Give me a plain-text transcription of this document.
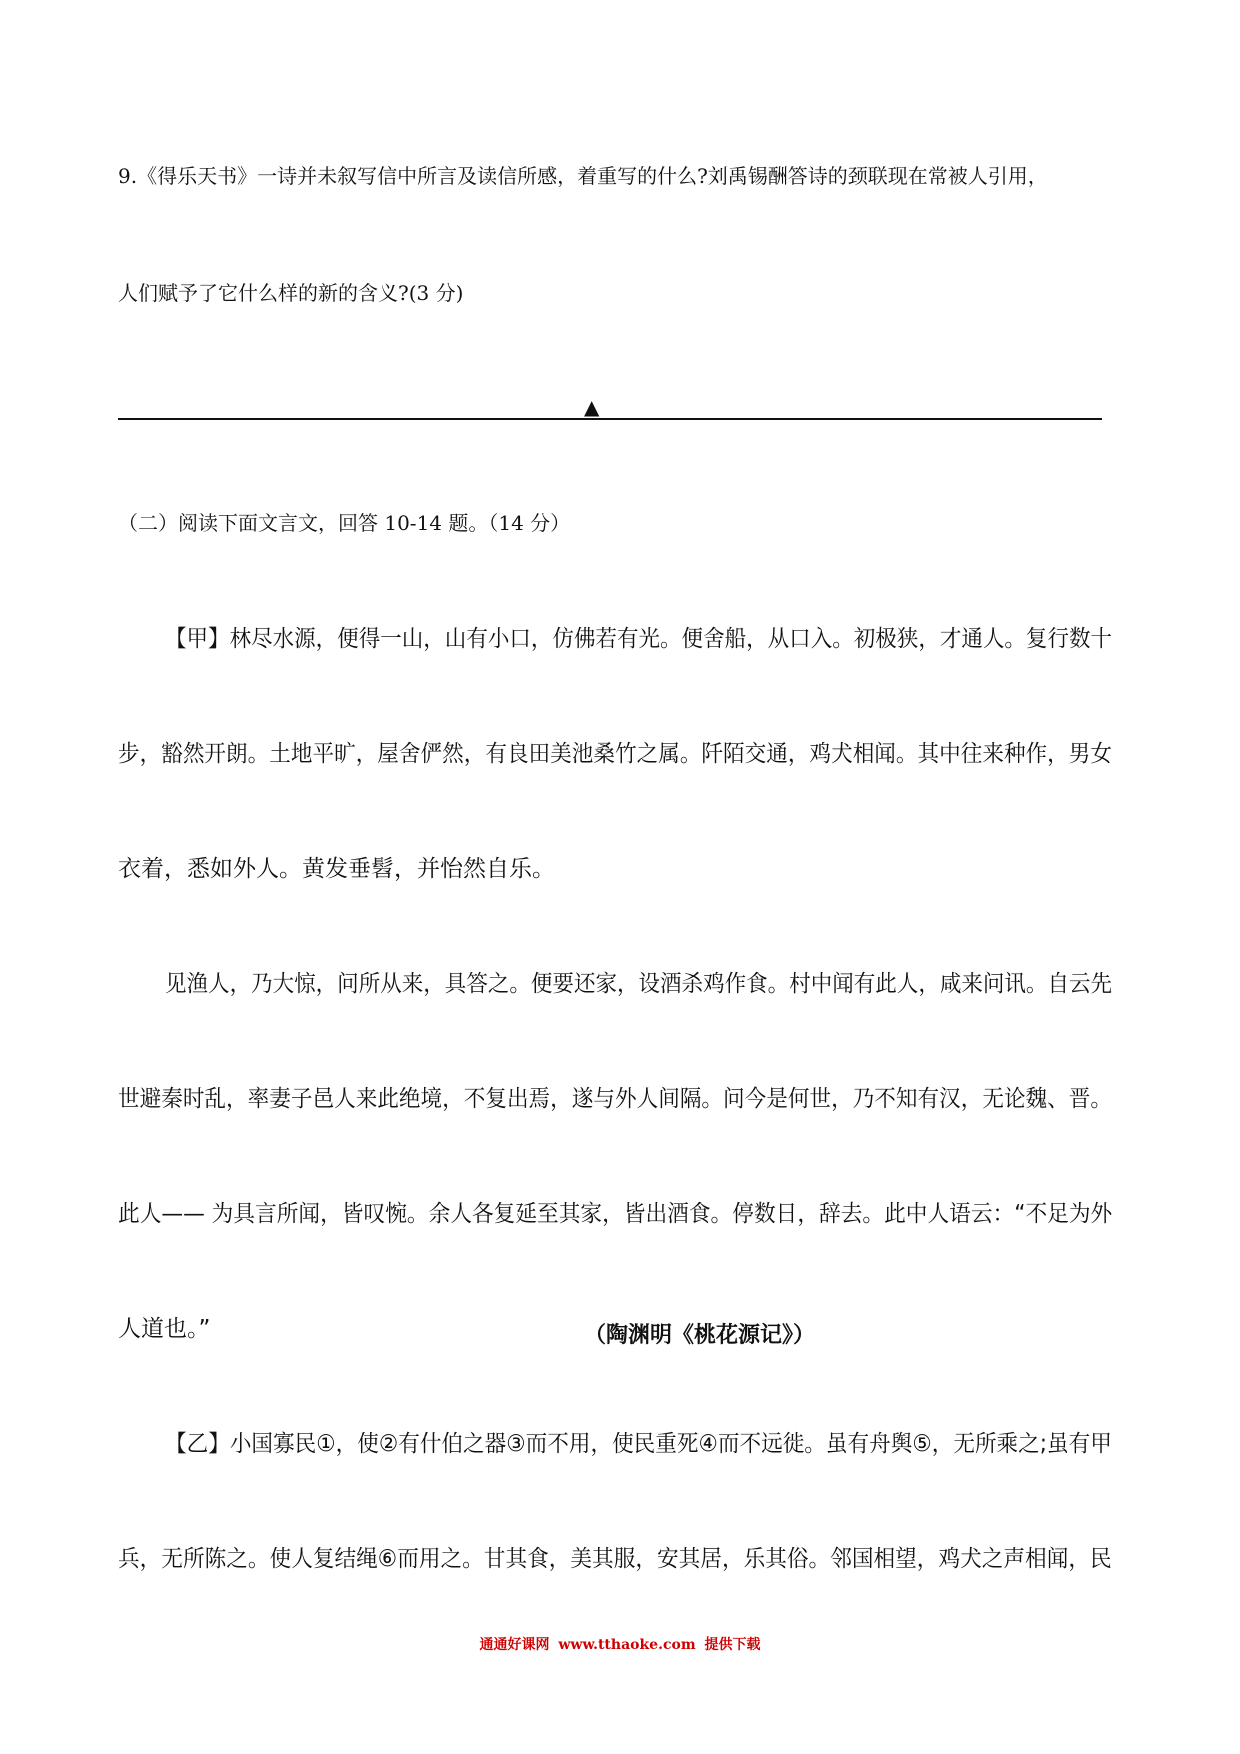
9.《得乐天书》一诗并未叙写信中所言及读信所感，着重写的什么?刘禹锡酬答诗的颈联现在常被人引用，
人们赋予了它什么样的新的含义?(3 分)
▲
（二）阅读下面文言文，回答 10-14 题。（14 分）
【甲】林尽水源，便得一山，山有小口，仿佛若有光。便舍船，从口入。初极狭，才通人。复行数十
步，豁然开朗。土地平旷，屋舍俨然，有良田美池桑竹之属。阡陌交通，鸡犬相闻。其中往来种作，男女
衣着，悉如外人。黄发垂髫，并怡然自乐。
见渔人，乃大惊，问所从来，具答之。便要还家，设酒杀鸡作食。村中闻有此人，咸来问讯。自云先
世避秦时乱，率妻子邑人来此绝境，不复出焉，遂与外人间隔。问今是何世，乃不知有汉，无论魏、晋。
此人—— 为具言所闻，皆叹惋。余人各复延至其家，皆出酒食。停数日，辞去。此中人语云：“不足为外
人道也。”	（陶渊明《桃花源记》）
【乙】小国寡民①，使②有什伯之器③而不用，使民重死④而不远徙。虽有舟舆⑤，无所乘之;虽有甲
兵，无所陈之。使人复结绳⑥而用之。甘其食，美其服，安其居，乐其俗。邻国相望，鸡犬之声相闻，民
通通好课网 www.tthaoke.com 提供下载
